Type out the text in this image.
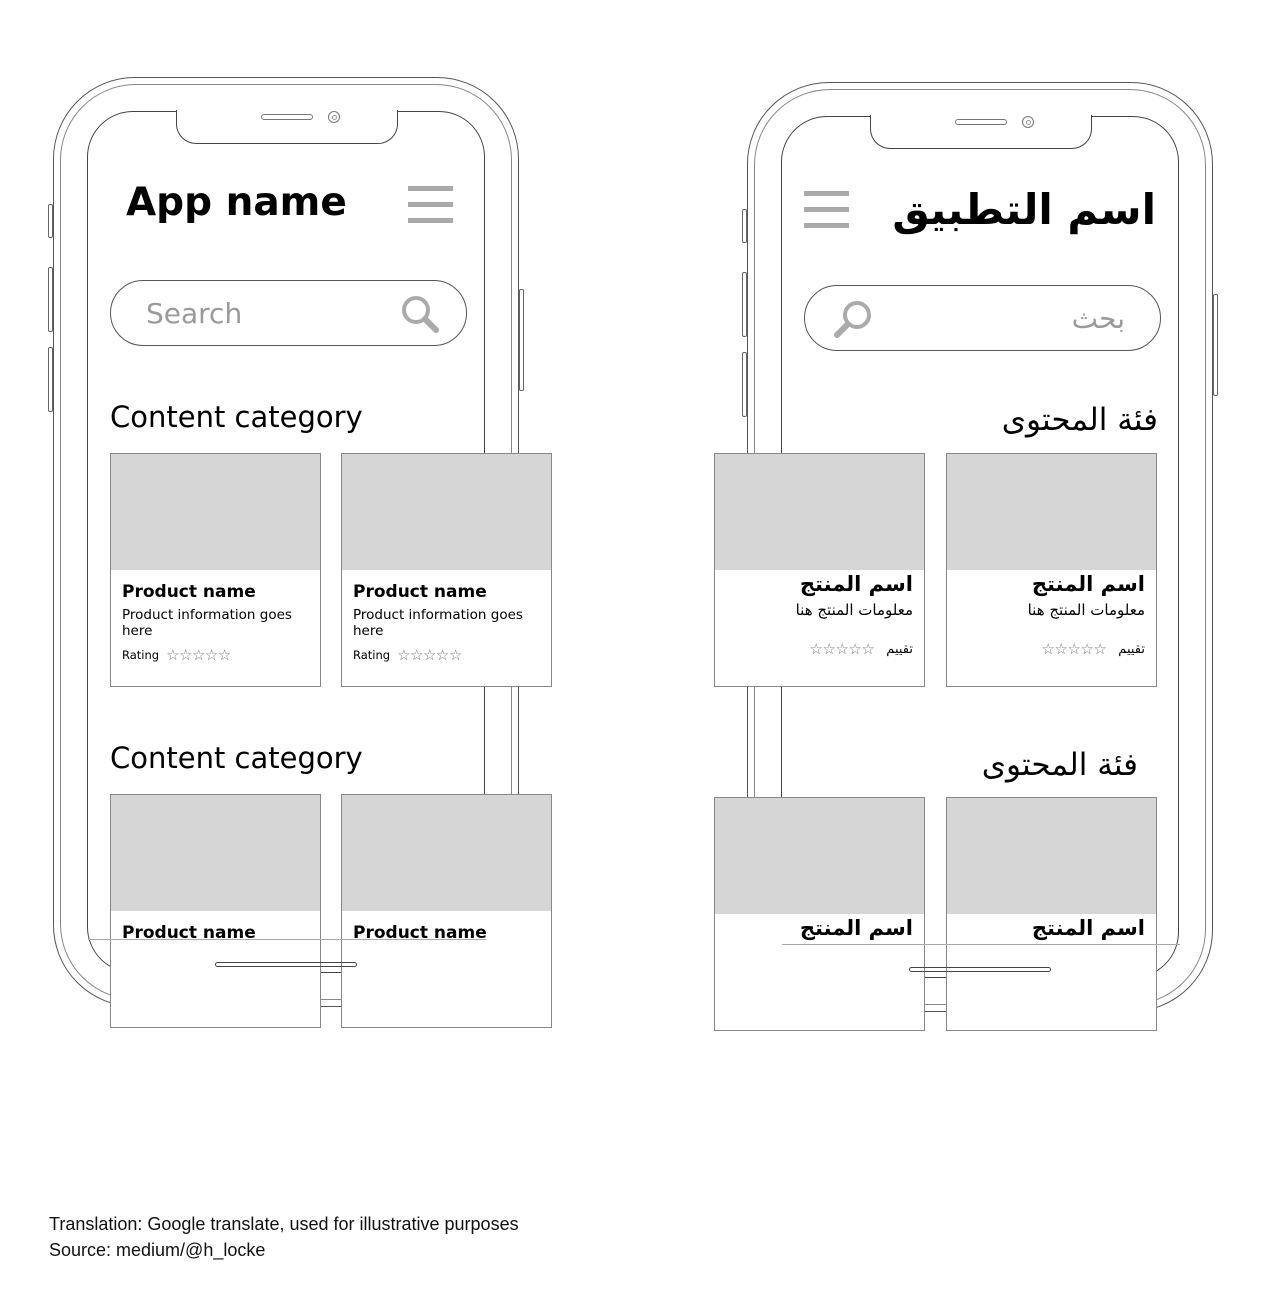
App name
Search
Content category
Product name
Product information goes here
Rating ☆☆☆☆☆
Product name
Product information goes here
Rating ☆☆☆☆☆
Content category
Product name	Product name
اسم التطبيق
بحث
فئة المحتوى
اسم المنتج
معلومات المنتج هنا
تقييم
☆☆☆☆☆
اسم المنتج
معلومات المنتج هنا
تقييم
☆☆☆☆☆
فئة المحتوى
اسم المنتج
اسم المنتج
Translation: Google translate, used for illustrative purposes
Source: medium/@h_locke
